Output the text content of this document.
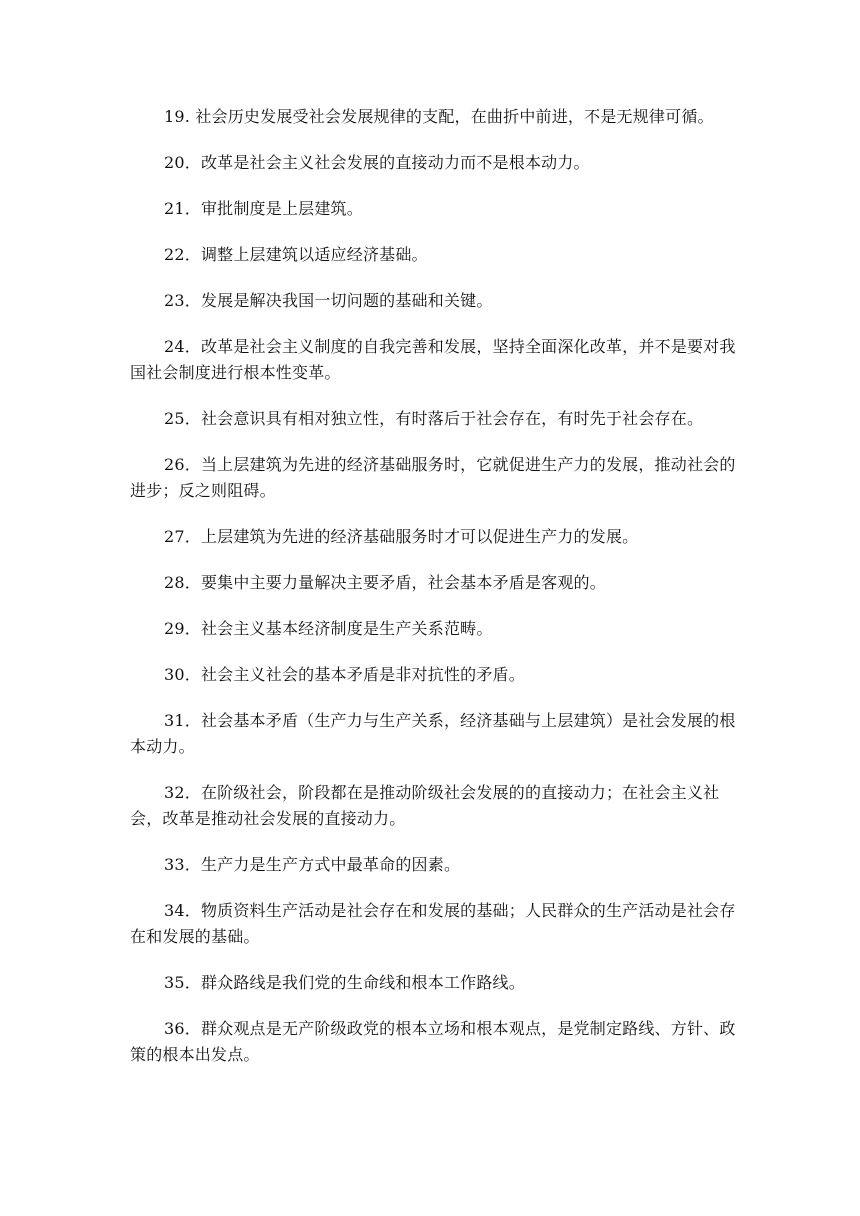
19. 社会历史发展受社会发展规律的支配，在曲折中前进，不是无规律可循。

20．改革是社会主义社会发展的直接动力而不是根本动力。

21．审批制度是上层建筑。

22．调整上层建筑以适应经济基础。

23．发展是解决我国一切问题的基础和关键。

24．改革是社会主义制度的自我完善和发展，坚持全面深化改革，并不是要对我国社会制度进行根本性变革。

25．社会意识具有相对独立性，有时落后于社会存在，有时先于社会存在。

26．当上层建筑为先进的经济基础服务时，它就促进生产力的发展，推动社会的进步；反之则阻碍。

27．上层建筑为先进的经济基础服务时才可以促进生产力的发展。

28．要集中主要力量解决主要矛盾，社会基本矛盾是客观的。

29．社会主义基本经济制度是生产关系范畴。

30．社会主义社会的基本矛盾是非对抗性的矛盾。

31．社会基本矛盾（生产力与生产关系，经济基础与上层建筑）是社会发展的根本动力。

32．在阶级社会，阶段都在是推动阶级社会发展的的直接动力；在社会主义社会，改革是推动社会发展的直接动力。

33．生产力是生产方式中最革命的因素。

34．物质资料生产活动是社会存在和发展的基础；人民群众的生产活动是社会存在和发展的基础。

35．群众路线是我们党的生命线和根本工作路线。

36．群众观点是无产阶级政党的根本立场和根本观点，是党制定路线、方针、政策的根本出发点。
